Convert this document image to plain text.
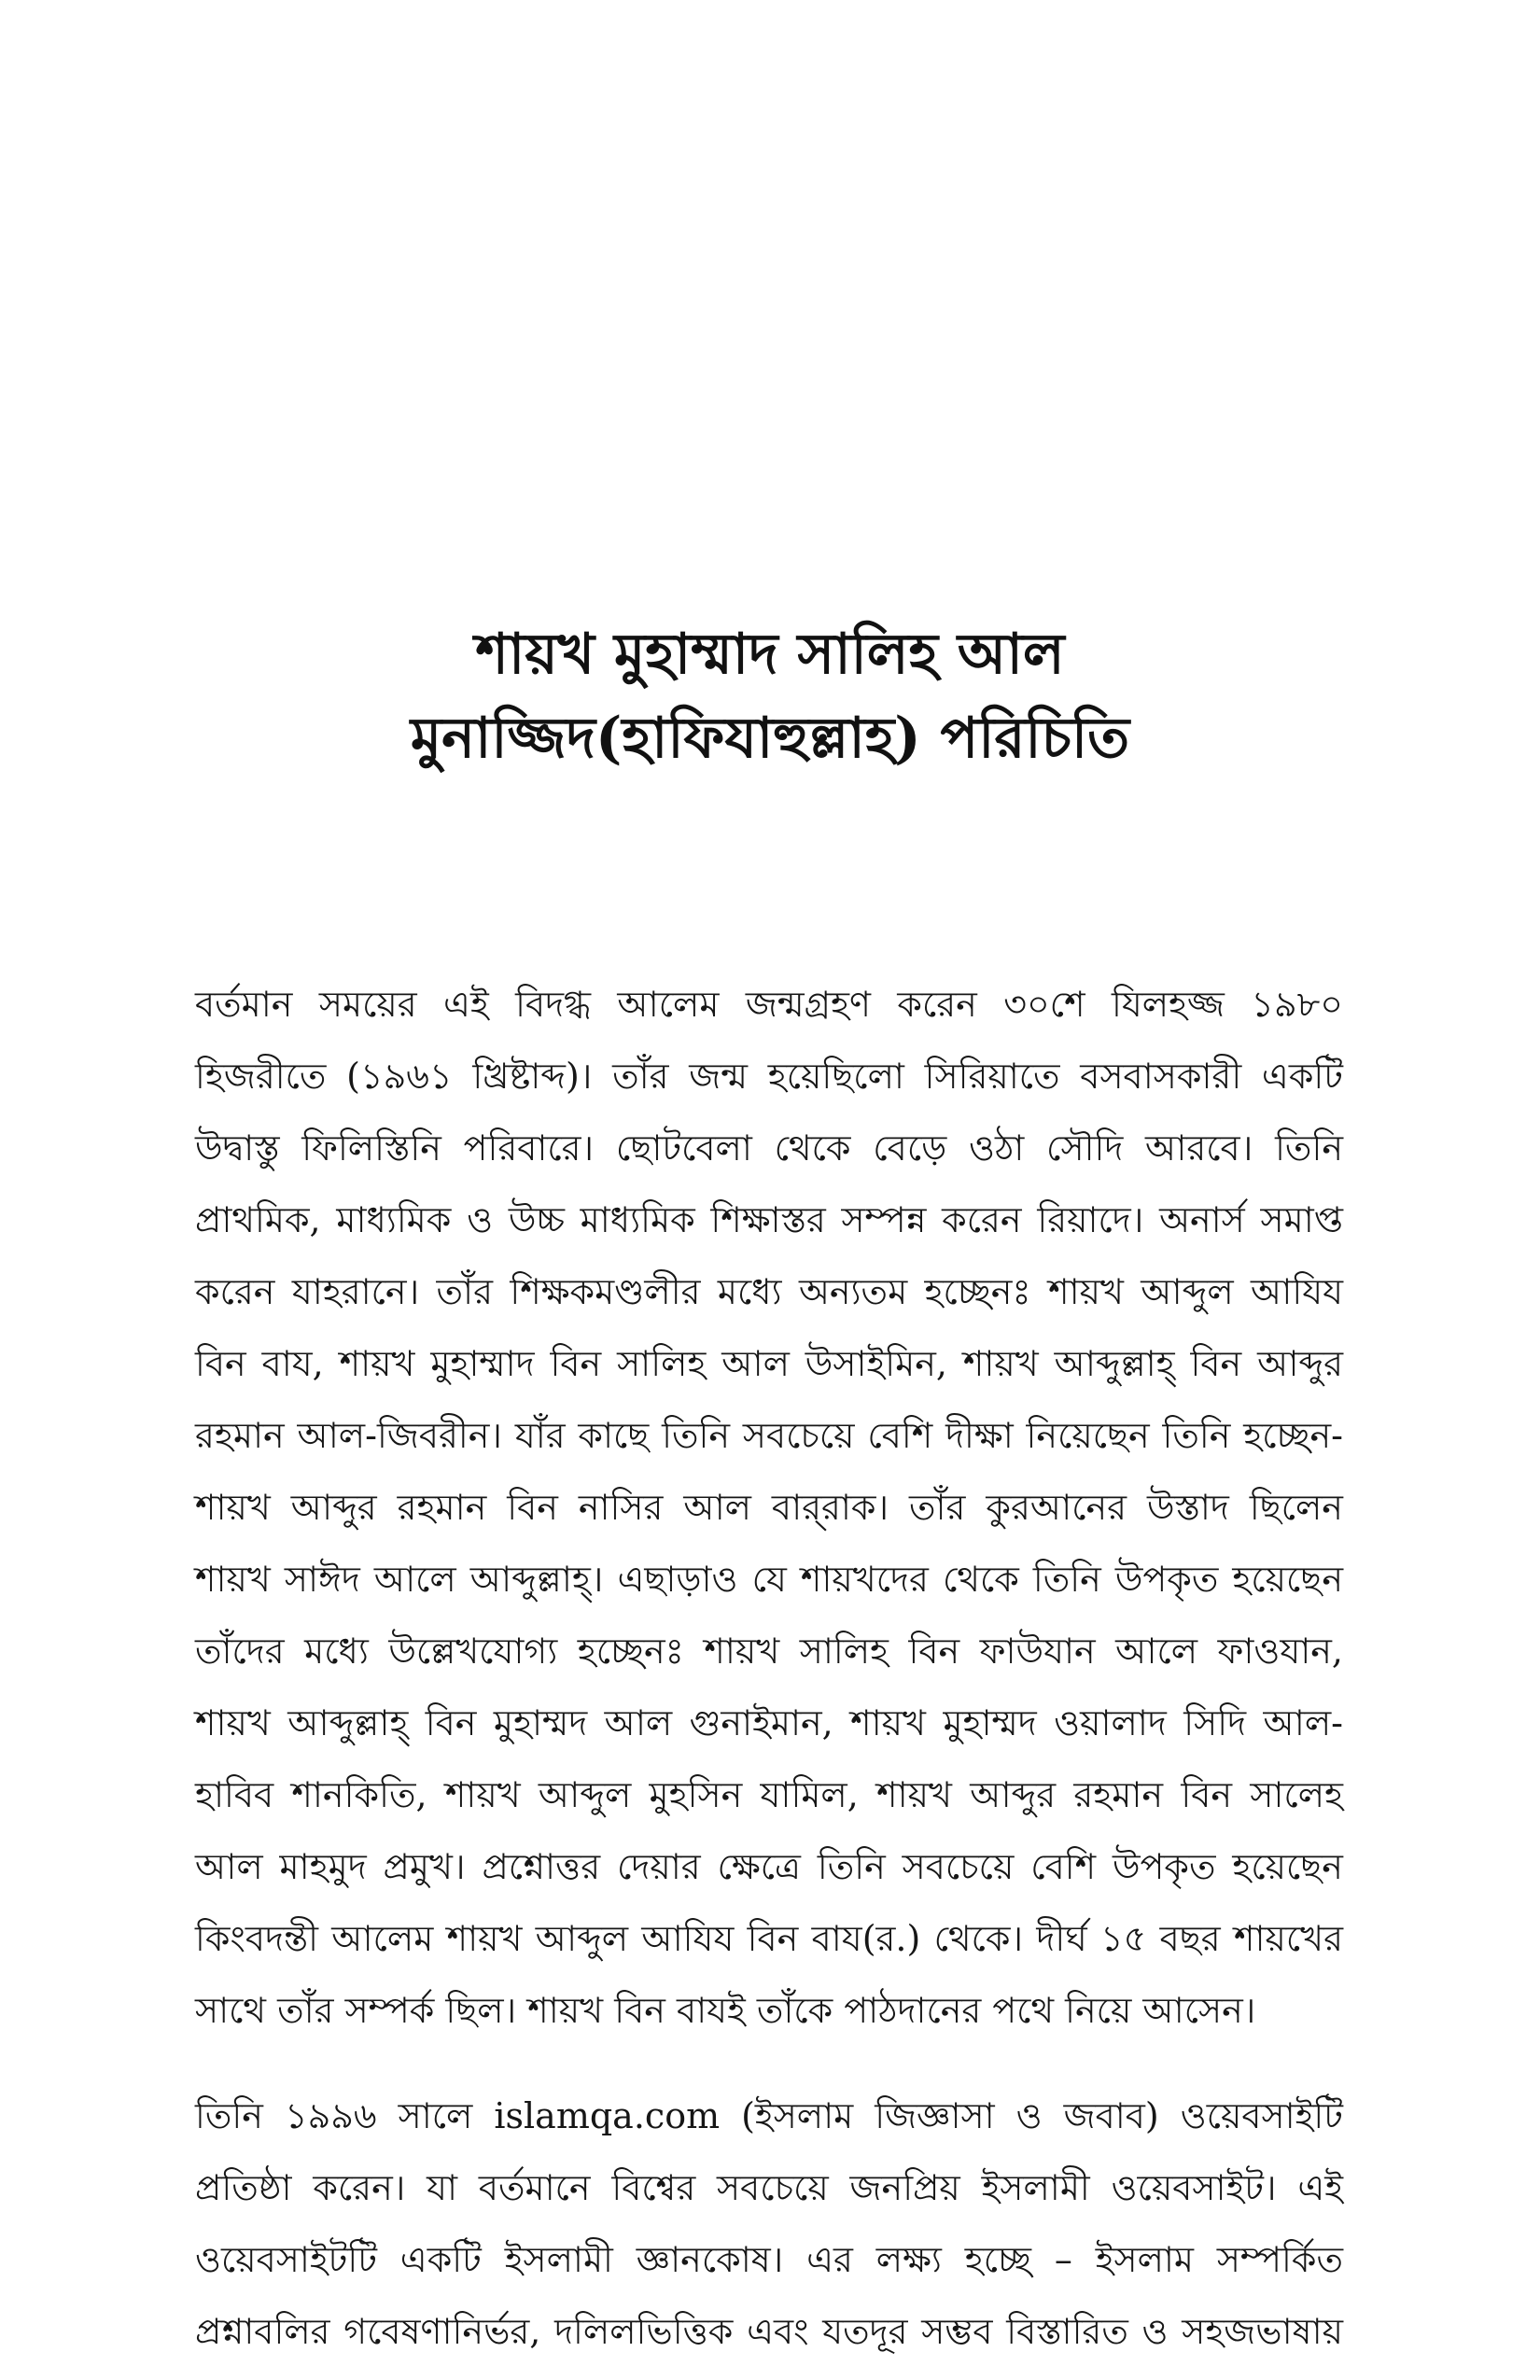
শায়খ মুহাম্মাদ সালিহ আল
মুনাজ্জিদ(হাফিযাহুল্লাহ) পরিচিতি
বর্তমান সময়ের এই বিদগ্ধ আলেম জন্মগ্রহণ করেন ৩০শে যিলহজ্জ ১৯৮০
হিজরীতে (১৯৬১ খ্রিষ্টাব্দ)। তাঁর জন্ম হয়েছিলো সিরিয়াতে বসবাসকারী একটি
উদ্বাস্তু ফিলিস্তিনি পরিবারে। ছোটবেলা থেকে বেড়ে ওঠা সৌদি আরবে। তিনি
প্রাথমিক, মাধ্যমিক ও উচ্চ মাধ্যমিক শিক্ষাস্তর সম্পন্ন করেন রিয়াদে। অনার্স সমাপ্ত
করেন যাহরানে। তাঁর শিক্ষকমণ্ডলীর মধ্যে অন্যতম হচ্ছেনঃ শায়খ আব্দুল আযিয
বিন বায, শায়খ মুহাম্মাদ বিন সালিহ আল উসাইমিন, শায়খ আব্দুল্লাহ্ বিন আব্দুর
রহমান আল-জিবরীন। যাঁর কাছে তিনি সবচেয়ে বেশি দীক্ষা নিয়েছেন তিনি হচ্ছেন-
শায়খ আব্দুর রহমান বিন নাসির আল বার্‌রাক। তাঁর কুরআনের উস্তাদ ছিলেন
শায়খ সাঈদ আলে আব্দুল্লাহ্। এছাড়াও যে শায়খদের থেকে তিনি উপকৃত হয়েছেন
তাঁদের মধ্যে উল্লেখযোগ্য হচ্ছেনঃ শায়খ সালিহ বিন ফাউযান আলে ফাওযান,
শায়খ আব্দুল্লাহ্ বিন মুহাম্মদ আল গুনাইমান, শায়খ মুহাম্মদ ওয়ালাদ সিদি আল-
হাবিব শানকিতি, শায়খ আব্দুল মুহসিন যামিল, শায়খ আব্দুর রহমান বিন সালেহ
আল মাহমুদ প্রমুখ। প্রশ্নোত্তর দেয়ার ক্ষেত্রে তিনি সবচেয়ে বেশি উপকৃত হয়েছেন
কিংবদন্তী আলেম শায়খ আব্দুল আযিয বিন বায(র.) থেকে। দীর্ঘ ১৫ বছর শায়খের
সাথে তাঁর সম্পর্ক ছিল। শায়খ বিন বাযই তাঁকে পাঠদানের পথে নিয়ে আসেন।
তিনি ১৯৯৬ সালে islamqa.com (ইসলাম জিজ্ঞাসা ও জবাব) ওয়েবসাইটি
প্রতিষ্ঠা করেন। যা বর্তমানে বিশ্বের সবচেয়ে জনপ্রিয় ইসলামী ওয়েবসাইট। এই
ওয়েবসাইটটি একটি ইসলামী জ্ঞানকোষ। এর লক্ষ্য হচ্ছে – ইসলাম সম্পর্কিত
প্রশ্নাবলির গবেষণানির্ভর, দলিলভিত্তিক এবং যতদূর সম্ভব বিস্তারিত ও সহজভাষায়
